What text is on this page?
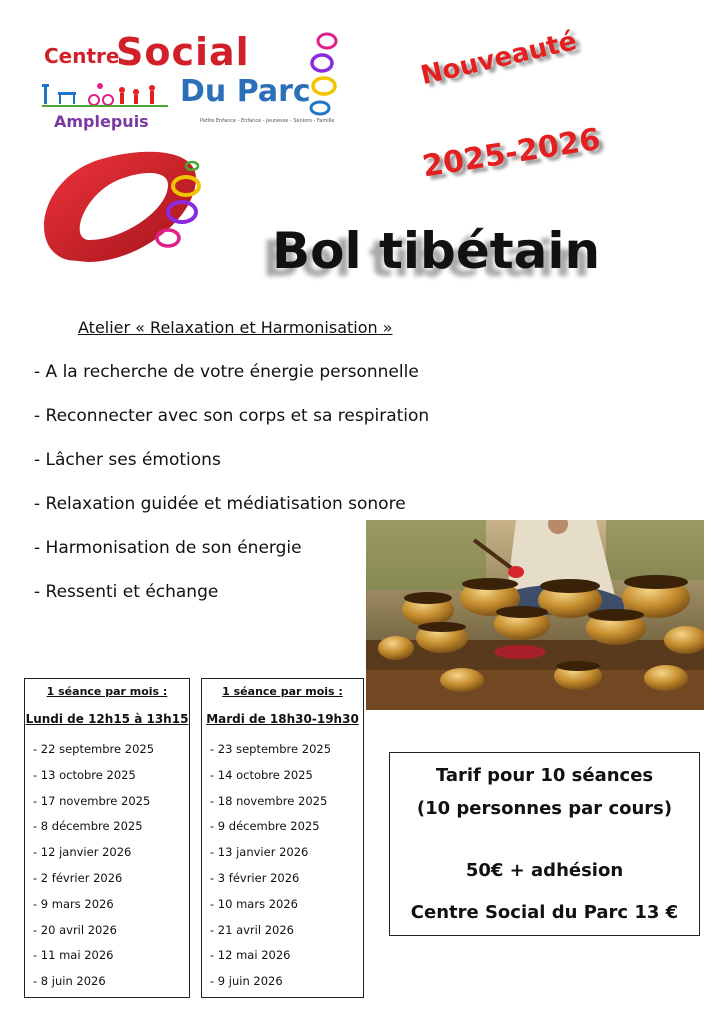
Centre
Social
Du Parc
Amplepuis	Petite Enfance - Enfance - Jeunesse - Séniors - Famille
Nouveauté
2025-2026
Bol tibétain
Atelier « Relaxation et Harmonisation »
- A la recherche de votre énergie personnelle
- Reconnecter avec son corps et sa respiration
- Lâcher ses émotions
- Relaxation guidée et médiatisation sonore
- Harmonisation de son énergie
- Ressenti et échange
1 séance par mois :
Lundi de 12h15 à 13h15
- 22 septembre 2025
- 13 octobre 2025
- 17 novembre 2025
- 8 décembre 2025
- 12 janvier 2026
- 2 février 2026
- 9 mars 2026
- 20 avril 2026
- 11 mai 2026
- 8 juin 2026
1 séance par mois :
Mardi de 18h30-19h30
- 23 septembre 2025
- 14 octobre 2025
- 18 novembre 2025
- 9 décembre 2025
- 13 janvier 2026
- 3 février 2026
- 10 mars 2026
- 21 avril 2026
- 12 mai 2026
- 9 juin 2026
Tarif pour 10 séances
(10 personnes par cours)
50€ + adhésion
Centre Social du Parc 13 €
